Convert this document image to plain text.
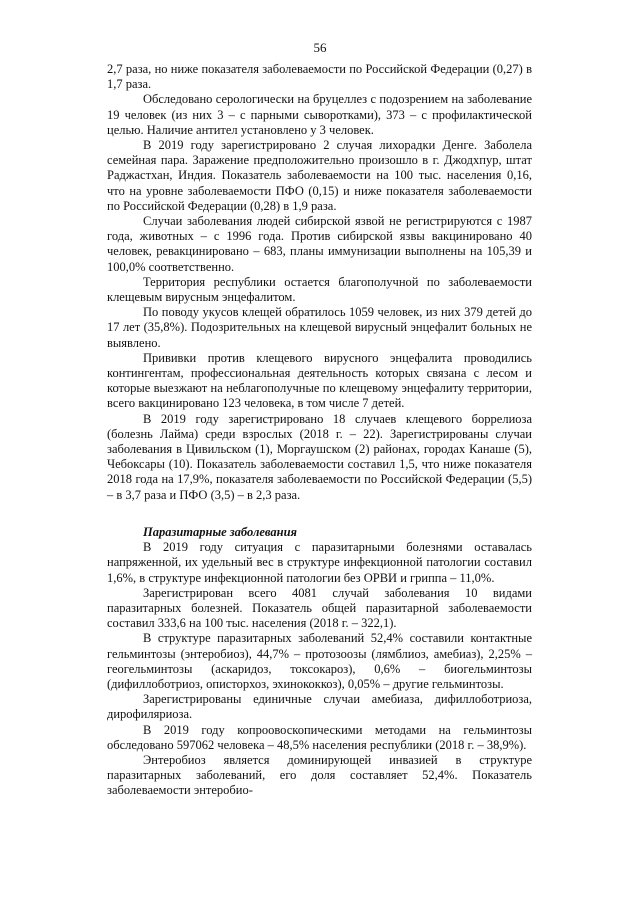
56

2,7 раза, но ниже показателя заболеваемости по Российской Федерации (0,27) в 1,7 раза.

Обследовано серологически на бруцеллез с подозрением на заболевание 19 человек (из них 3 – с парными сыворотками), 373 – с профилактической целью. Наличие антител установлено у 3 человек.

В 2019 году зарегистрировано 2 случая лихорадки Денге. Заболела семейная пара. Заражение предположительно произошло в г. Джодхпур, штат Раджастхан, Индия. Показатель заболеваемости на 100 тыс. населения 0,16, что на уровне заболеваемости ПФО (0,15) и ниже показателя заболеваемости по Российской Федерации (0,28) в 1,9 раза.

Случаи заболевания людей сибирской язвой не регистрируются с 1987 года, животных – с 1996 года. Против сибирской язвы вакцинировано 40 человек, ревакцинировано – 683, планы иммунизации выполнены на 105,39 и 100,0% соответственно.

Территория республики остается благополучной по заболеваемости клещевым вирусным энцефалитом.

По поводу укусов клещей обратилось 1059 человек, из них 379 детей до 17 лет (35,8%). Подозрительных на клещевой вирусный энцефалит больных не выявлено.

Прививки против клещевого вирусного энцефалита проводились контингентам, профессиональная деятельность которых связана с лесом и которые выезжают на неблагополучные по клещевому энцефалиту территории, всего вакцинировано 123 человека, в том числе 7 детей.

В 2019 году зарегистрировано 18 случаев клещевого боррелиоза (болезнь Лайма) среди взрослых (2018 г. – 22). Зарегистрированы случаи заболевания в Цивильском (1), Моргаушском (2) районах, городах Канаше (5), Чебоксары (10). Показатель заболеваемости составил 1,5, что ниже показателя 2018 года на 17,9%, показателя заболеваемости по Российской Федерации (5,5) – в 3,7 раза и ПФО (3,5) – в 2,3 раза.

Паразитарные заболевания

В 2019 году ситуация с паразитарными болезнями оставалась напряженной, их удельный вес в структуре инфекционной патологии составил 1,6%, в структуре инфекционной патологии без ОРВИ и гриппа – 11,0%.

Зарегистрирован всего 4081 случай заболевания 10 видами паразитарных болезней. Показатель общей паразитарной заболеваемости составил 333,6 на 100 тыс. населения (2018 г. – 322,1).

В структуре паразитарных заболеваний 52,4% составили контактные гельминтозы (энтеробиоз), 44,7% – протозоозы (лямблиоз, амебиаз), 2,25% – геогельминтозы (аскаридоз, токсокароз), 0,6% – биогельминтозы (дифиллоботриоз, описторхоз, эхинококкоз), 0,05% – другие гельминтозы.

Зарегистрированы единичные случаи амебиаза, дифиллоботриоза, дирофиляриоза.

В 2019 году копроовоскопическими методами на гельминтозы обследовано 597062 человека – 48,5% населения республики (2018 г. – 38,9%).

Энтеробиоз является доминирующей инвазией в структуре паразитарных заболеваний, его доля составляет 52,4%. Показатель заболеваемости энтеробио-
